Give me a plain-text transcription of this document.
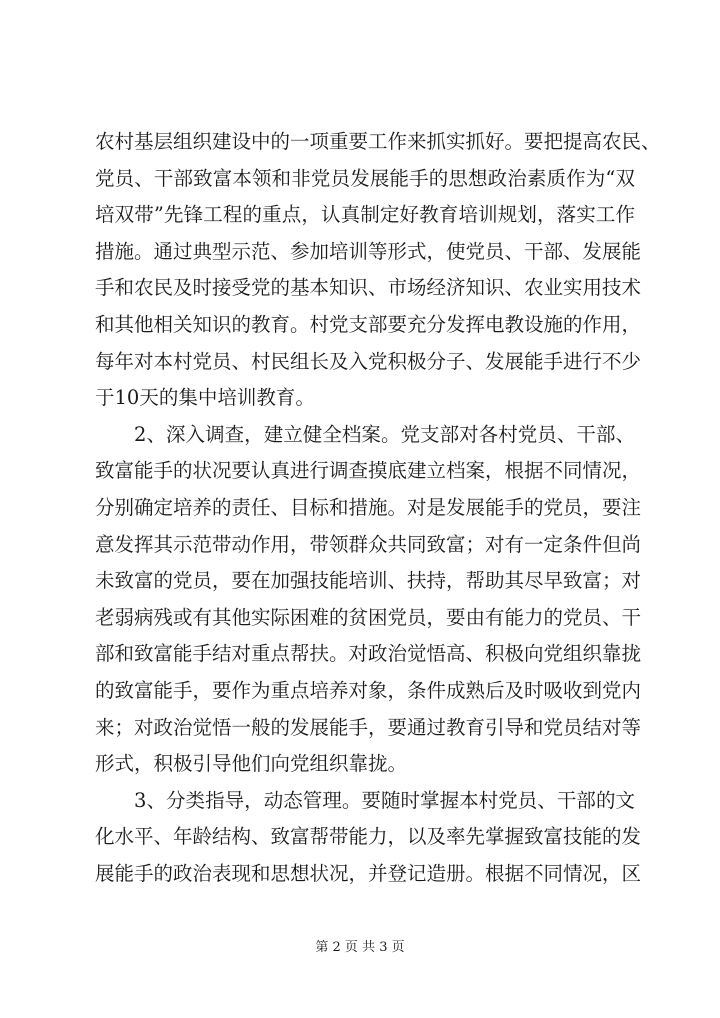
农村基层组织建设中的一项重要工作来抓实抓好。要把提高农民、
党员、干部致富本领和非党员发展能手的思想政治素质作为“双
培双带”先锋工程的重点，认真制定好教育培训规划，落实工作
措施。通过典型示范、参加培训等形式，使党员、干部、发展能
手和农民及时接受党的基本知识、市场经济知识、农业实用技术
和其他相关知识的教育。村党支部要充分发挥电教设施的作用，
每年对本村党员、村民组长及入党积极分子、发展能手进行不少
于10天的集中培训教育。
2、深入调查，建立健全档案。党支部对各村党员、干部、
致富能手的状况要认真进行调查摸底建立档案，根据不同情况，
分别确定培养的责任、目标和措施。对是发展能手的党员，要注
意发挥其示范带动作用，带领群众共同致富；对有一定条件但尚
未致富的党员，要在加强技能培训、扶持，帮助其尽早致富；对
老弱病残或有其他实际困难的贫困党员，要由有能力的党员、干
部和致富能手结对重点帮扶。对政治觉悟高、积极向党组织靠拢
的致富能手，要作为重点培养对象，条件成熟后及时吸收到党内
来；对政治觉悟一般的发展能手，要通过教育引导和党员结对等
形式，积极引导他们向党组织靠拢。
3、分类指导，动态管理。要随时掌握本村党员、干部的文
化水平、年龄结构、致富帮带能力，以及率先掌握致富技能的发
展能手的政治表现和思想状况，并登记造册。根据不同情况，区
第 2 页 共 3 页
